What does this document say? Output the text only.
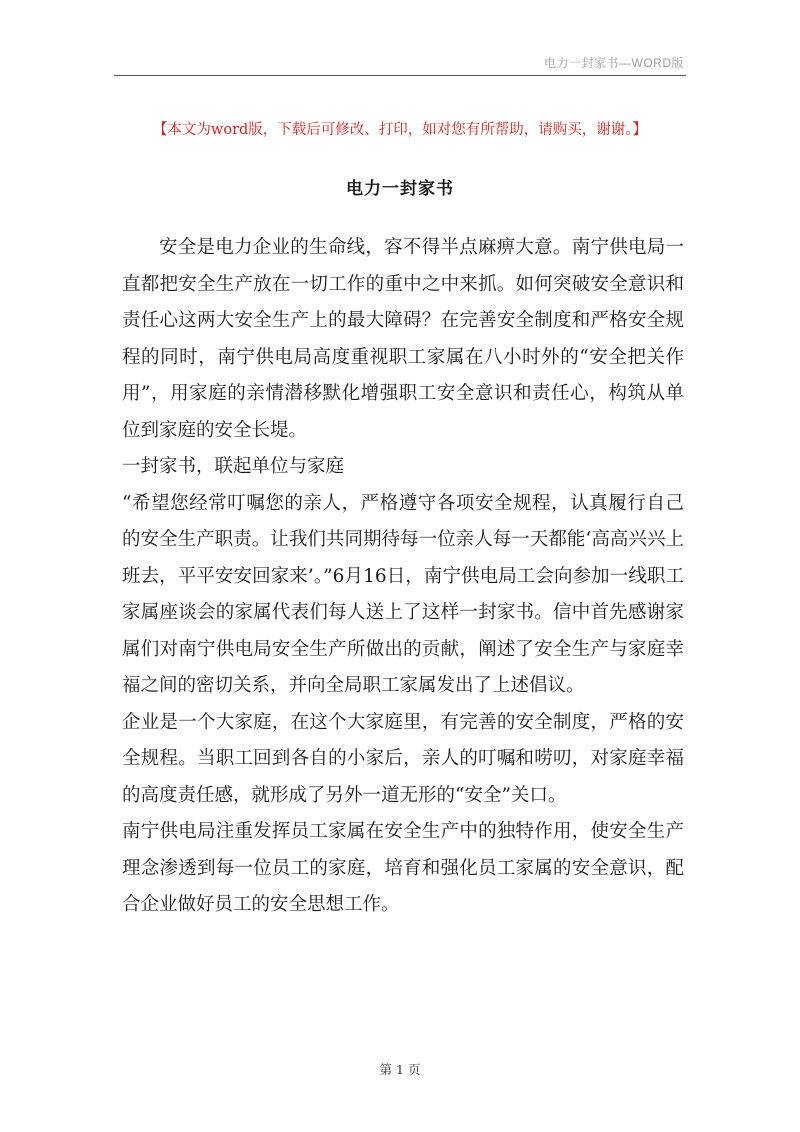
电力一封家书—WORD版
【本文为word版，下载后可修改、打印，如对您有所帮助，请购买，谢谢。】
电力一封家书

安全是电力企业的生命线，容不得半点麻痹大意。南宁供电局一直都把安全生产放在一切工作的重中之中来抓。如何突破安全意识和责任心这两大安全生产上的最大障碍？在完善安全制度和严格安全规程的同时，南宁供电局高度重视职工家属在八小时外的“安全把关作用”，用家庭的亲情潜移默化增强职工安全意识和责任心，构筑从单位到家庭的安全长堤。

一封家书，联起单位与家庭

“希望您经常叮嘱您的亲人，严格遵守各项安全规程，认真履行自己的安全生产职责。让我们共同期待每一位亲人每一天都能‘高高兴兴上班去，平平安安回家来’。”6月16日，南宁供电局工会向参加一线职工家属座谈会的家属代表们每人送上了这样一封家书。信中首先感谢家属们对南宁供电局安全生产所做出的贡献，阐述了安全生产与家庭幸福之间的密切关系，并向全局职工家属发出了上述倡议。

企业是一个大家庭，在这个大家庭里，有完善的安全制度，严格的安全规程。当职工回到各自的小家后，亲人的叮嘱和唠叨，对家庭幸福的高度责任感，就形成了另外一道无形的“安全”关口。

南宁供电局注重发挥员工家属在安全生产中的独特作用，使安全生产理念渗透到每一位员工的家庭，培育和强化员工家属的安全意识，配合企业做好员工的安全思想工作。

第 1 页
